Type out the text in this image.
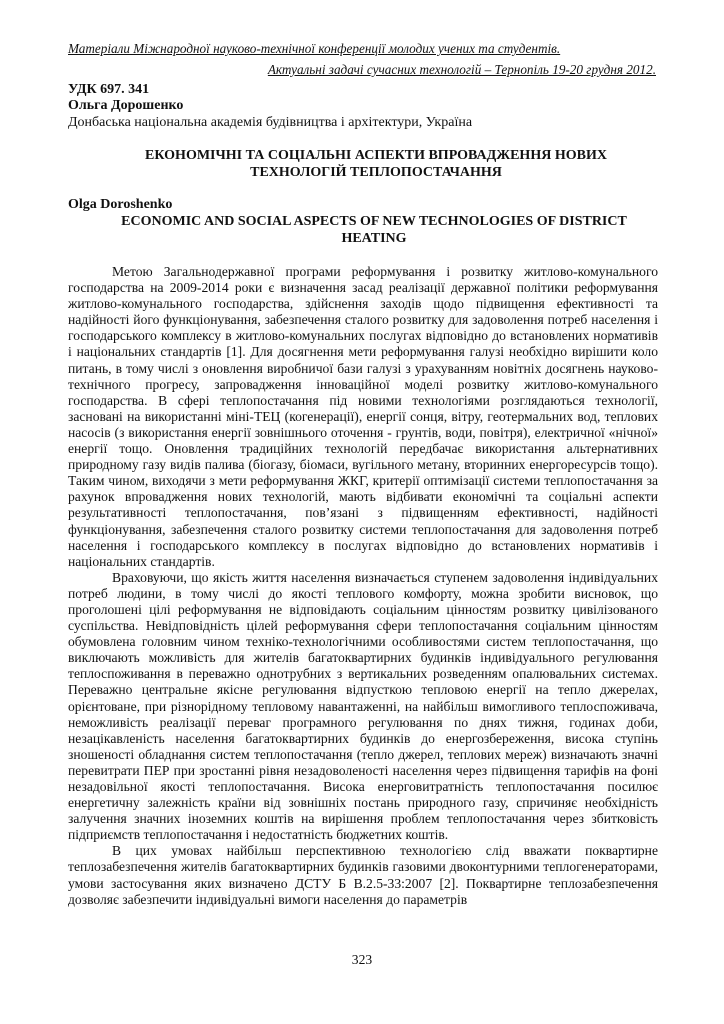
Матеріали Міжнародної науково-технічної конференції молодих учених та студентів.
Актуальні задачі сучасних технологій – Тернопіль 19-20 грудня 2012.
УДК 697. 341
Ольга Дорошенко
Донбаська національна академія будівництва і архітектури, Україна
ЕКОНОМІЧНІ ТА СОЦІАЛЬНІ АСПЕКТИ ВПРОВАДЖЕННЯ НОВИХ ТЕХНОЛОГІЙ ТЕПЛОПОСТАЧАННЯ
Olga Doroshenko
ECONOMIC AND SOCIAL ASPECTS OF NEW TECHNOLOGIES OF DISTRICT HEATING

Метою Загальнодержавної програми реформування і розвитку житлово-комунального господарства на 2009-2014 роки є визначення засад реалізації державної політики реформування житлово-комунального господарства, здійснення заходів щодо підвищення ефективності та надійності його функціонування, забезпечення сталого розвитку для задоволення потреб населення і господарського комплексу в житлово-комунальних послугах відповідно до встановлених нормативів і національних стандартів [1]. Для досягнення мети реформування галузі необхідно вирішити коло питань, в тому числі з оновлення виробничої бази галузі з урахуванням новітніх досягнень науково-технічного прогресу, запровадження інноваційної моделі розвитку житлово-комунального господарства. В сфері теплопостачання під новими технологіями розглядаються технології, засновані на використанні міні-ТЕЦ (когенерації), енергії сонця, вітру, геотермальних вод, теплових насосів (з використання енергії зовнішнього оточення - грунтів, води, повітря), електричної «нічної» енергії тощо. Оновлення традиційних технологій передбачає використання альтернативних природному газу видів палива (біогазу, біомаси, вугільного метану, вторинних енергоресурсів тощо). Таким чином, виходячи з мети реформування ЖКГ, критерії оптимізації системи теплопостачання за рахунок впровадження нових технологій, мають відбивати економічні та соціальні аспекти результативності теплопостачання, пов’язані з підвищенням ефективності, надійності функціонування, забезпечення сталого розвитку системи теплопостачання для задоволення потреб населення і господарського комплексу в послугах відповідно до встановлених нормативів і національних стандартів.

Враховуючи, що якість життя населення визначається ступенем задоволення індивідуальних потреб людини, в тому числі до якості теплового комфорту, можна зробити висновок, що проголошені цілі реформування не відповідають соціальним цінностям розвитку цивілізованого суспільства. Невідповідність цілей реформування сфери теплопостачання соціальним цінностям обумовлена головним чином техніко-технологічними особливостями систем теплопостачання, що виключають можливість для жителів багатоквартирних будинків індивідуального регулювання теплоспоживання в переважно однотрубних з вертикальних розведенням опалювальних системах. Переважно центральне якісне регулювання відпусткою тепловою енергії на тепло джерелах, орієнтоване, при різнорідному тепловому навантаженні, на найбільш вимогливого теплоспоживача, неможливість реалізації переваг програмного регулювання по днях тижня, годинах доби, незацікавленість населення багатоквартирних будинків до енергозбереження, висока ступінь зношеності обладнання систем теплопостачання (тепло джерел, теплових мереж) визначають значні перевитрати ПЕР при зростанні рівня незадоволеності населення через підвищення тарифів на фоні незадовільної якості теплопостачання. Висока енерговитратність теплопостачання посилює енергетичну залежність країни від зовнішніх постань природного газу, спричиняє необхідність залучення значних іноземних коштів на вирішення проблем теплопостачання через збитковість підприємств теплопостачання і недостатність бюджетних коштів.

В цих умовах найбільш перспективною технологією слід вважати поквартирне теплозабезпечення жителів багатоквартирних будинків газовими двоконтурними теплогенераторами, умови застосування яких визначено ДСТУ Б В.2.5-33:2007 [2]. Поквартирне теплозабезпечення дозволяє забезпечити індивідуальні вимоги населення до параметрів

323
